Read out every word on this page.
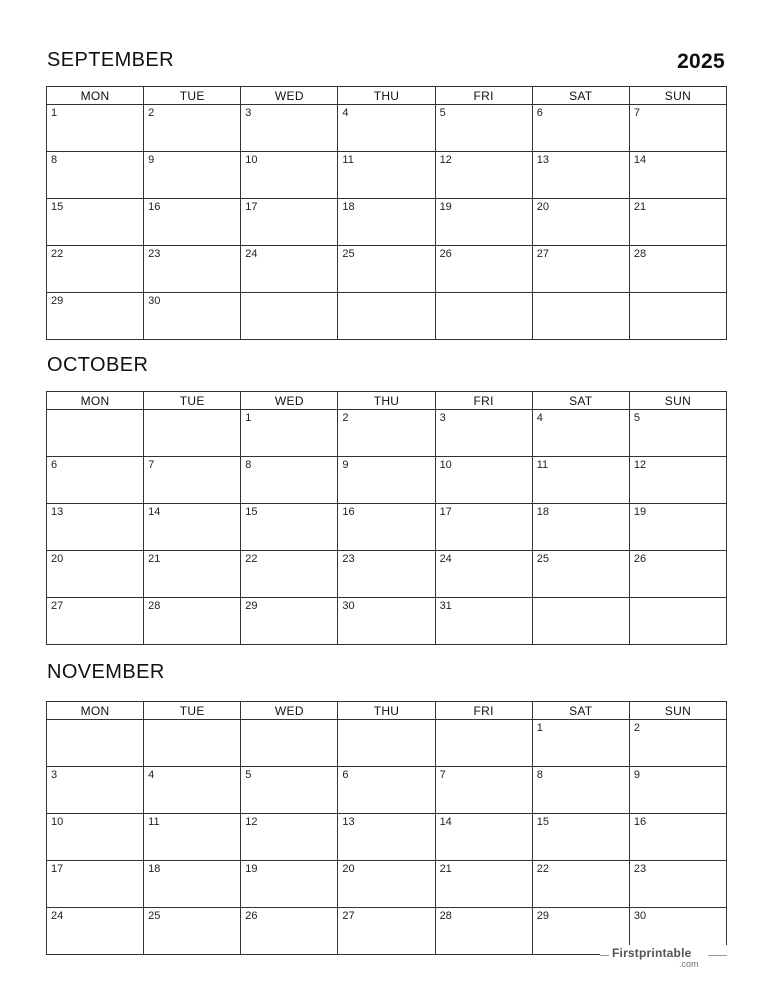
2025
SEPTEMBER
MON	TUE	WED	THU	FRI	SAT	SUN

1	2	3	4	5	6	7

8	9	10	11	12	13	14

15	16	17	18	19	20	21

22	23	24	25	26	27	28

29	30					

OCTOBER
MON	TUE	WED	THU	FRI	SAT	SUN

		1	2	3	4	5

6	7	8	9	10	11	12

13	14	15	16	17	18	19

20	21	22	23	24	25	26

27	28	29	30	31		

NOVEMBER
MON	TUE	WED	THU	FRI	SAT	SUN

					1	2

3	4	5	6	7	8	9

10	11	12	13	14	15	16

17	18	19	20	21	22	23

24	25	26	27	28	29	30
Firstprintable
.com
